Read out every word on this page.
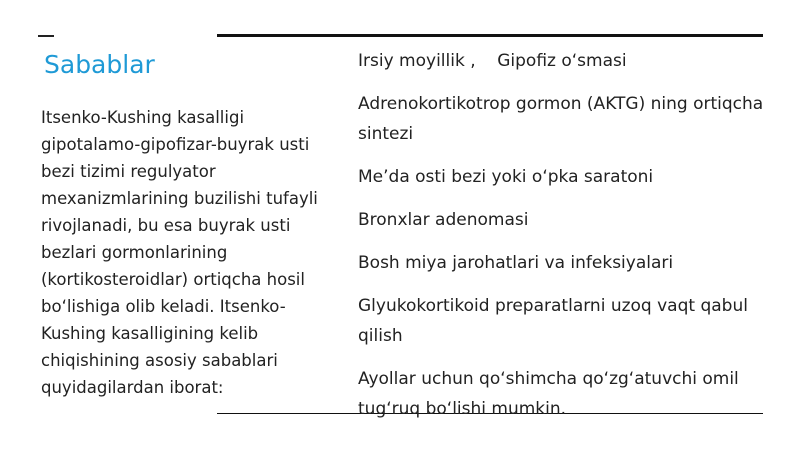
Sabablаr
Itsenko-Kushing kasalligi gipotalamo-gipofizar-buyrak usti bezi tizimi regulyator mexanizmlarining buzilishi tufayli rivojlanadi, bu esa buyrak usti bezlari gormonlarining (kortikosteroidlar) ortiqcha hosil bo‘lishiga olib keladi. Itsenko-Kushing kasalligining kelib chiqishining asosiy sabablari quyidagilardan iborat:
Irsiy moyillik ,    Gipofiz o‘smasi
Adrenokortikotrop gormon (AKTG) ning ortiqcha sintezi
Me’da osti bezi yoki o‘pka saratoni
Bronxlar adenomasi
Bosh miya jarohatlari va infeksiyalari
Glyukokortikoid preparatlarni uzoq vaqt qabul qilish
Ayollar uchun qo‘shimcha qo‘zg‘atuvchi omil tug‘ruq bo‘lishi mumkin.
